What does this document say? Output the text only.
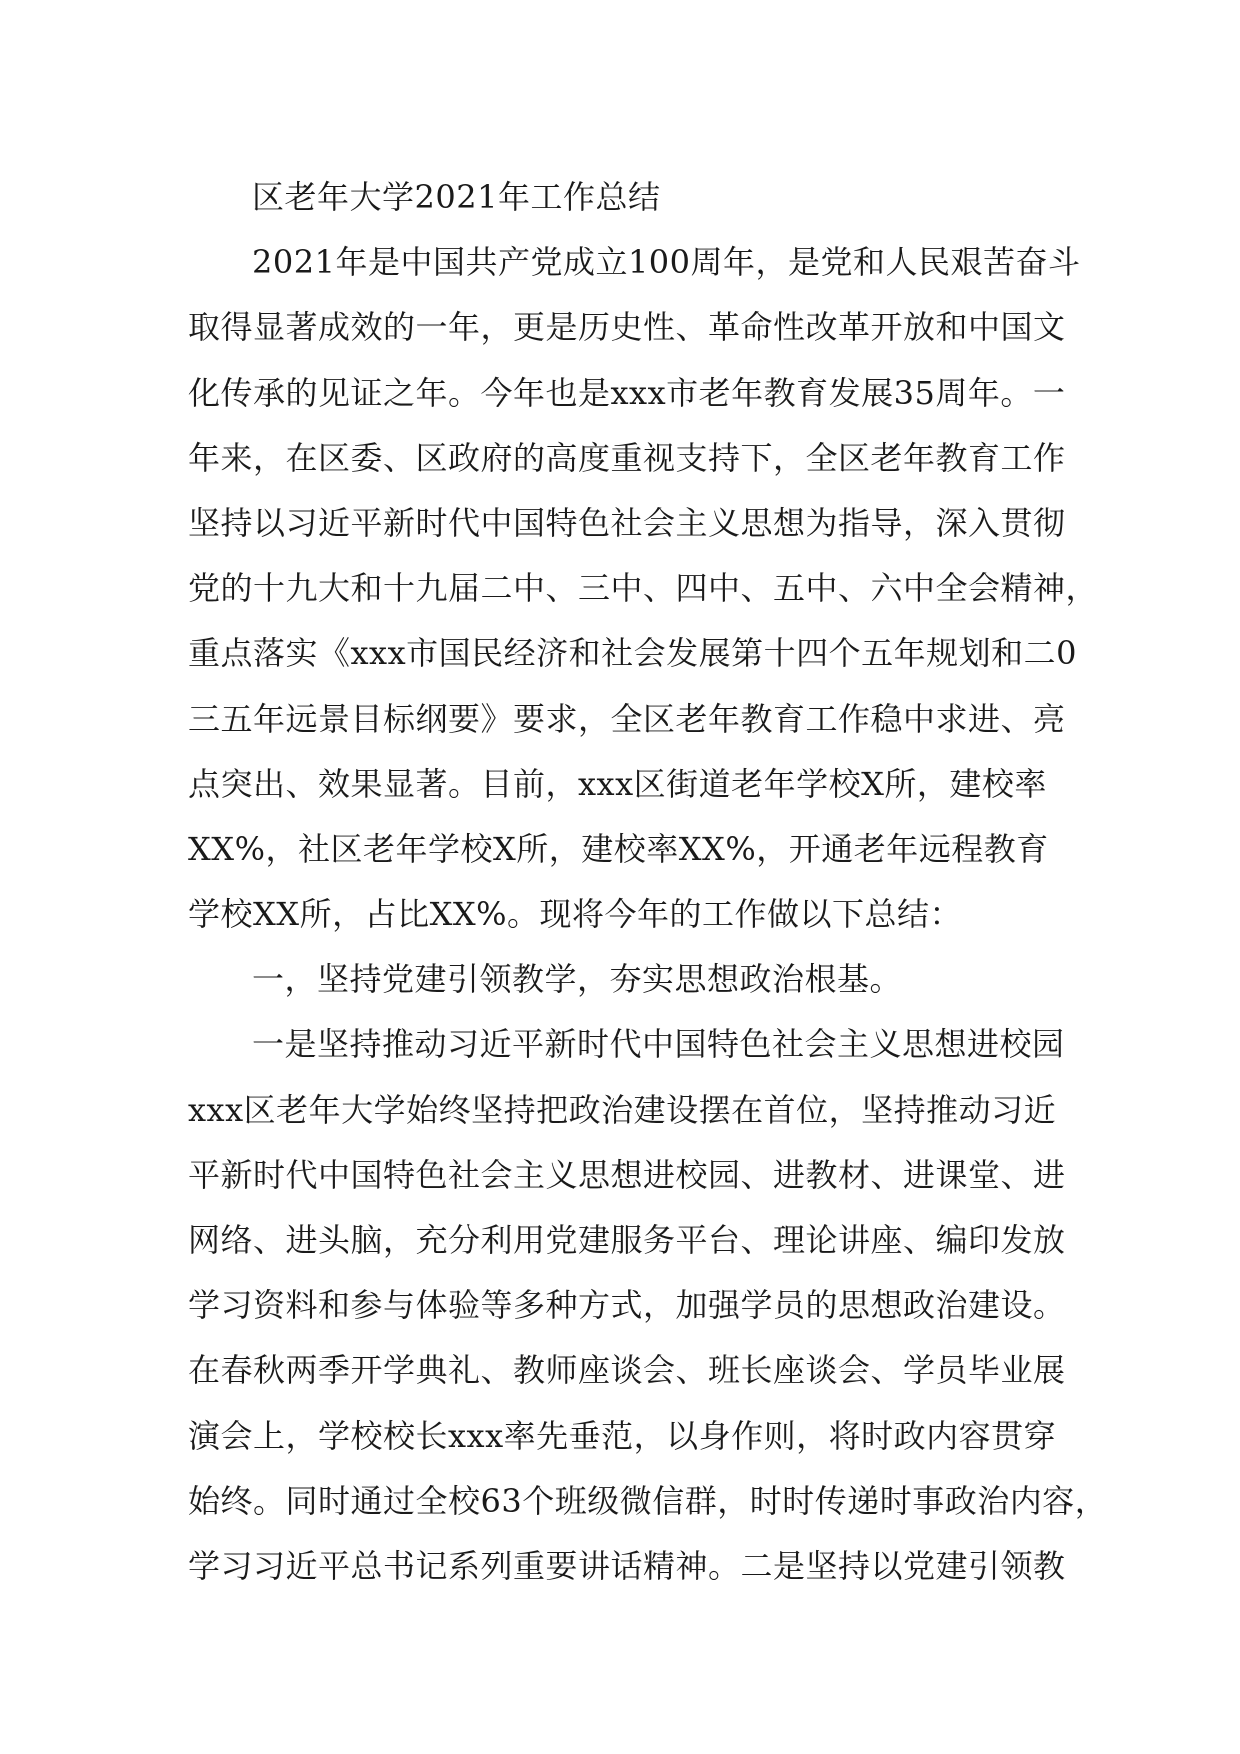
区老年大学2021年工作总结
2021年是中国共产党成立100周年，是党和人民艰苦奋斗
取得显著成效的一年，更是历史性、革命性改革开放和中国文
化传承的见证之年。今年也是xxx市老年教育发展35周年。一
年来，在区委、区政府的高度重视支持下，全区老年教育工作
坚持以习近平新时代中国特色社会主义思想为指导，深入贯彻
党的十九大和十九届二中、三中、四中、五中、六中全会精神，
重点落实《xxx市国民经济和社会发展第十四个五年规划和二0
三五年远景目标纲要》要求，全区老年教育工作稳中求进、亮
点突出、效果显著。目前，xxx区街道老年学校X所，建校率
XX%，社区老年学校X所，建校率XX%，开通老年远程教育
学校XX所，占比XX%。现将今年的工作做以下总结：
一，坚持党建引领教学，夯实思想政治根基。
一是坚持推动习近平新时代中国特色社会主义思想进校园
xxx区老年大学始终坚持把政治建设摆在首位，坚持推动习近
平新时代中国特色社会主义思想进校园、进教材、进课堂、进
网络、进头脑，充分利用党建服务平台、理论讲座、编印发放
学习资料和参与体验等多种方式，加强学员的思想政治建设。
在春秋两季开学典礼、教师座谈会、班长座谈会、学员毕业展
演会上，学校校长xxx率先垂范，以身作则，将时政内容贯穿
始终。同时通过全校63个班级微信群，时时传递时事政治内容，
学习习近平总书记系列重要讲话精神。二是坚持以党建引领教
